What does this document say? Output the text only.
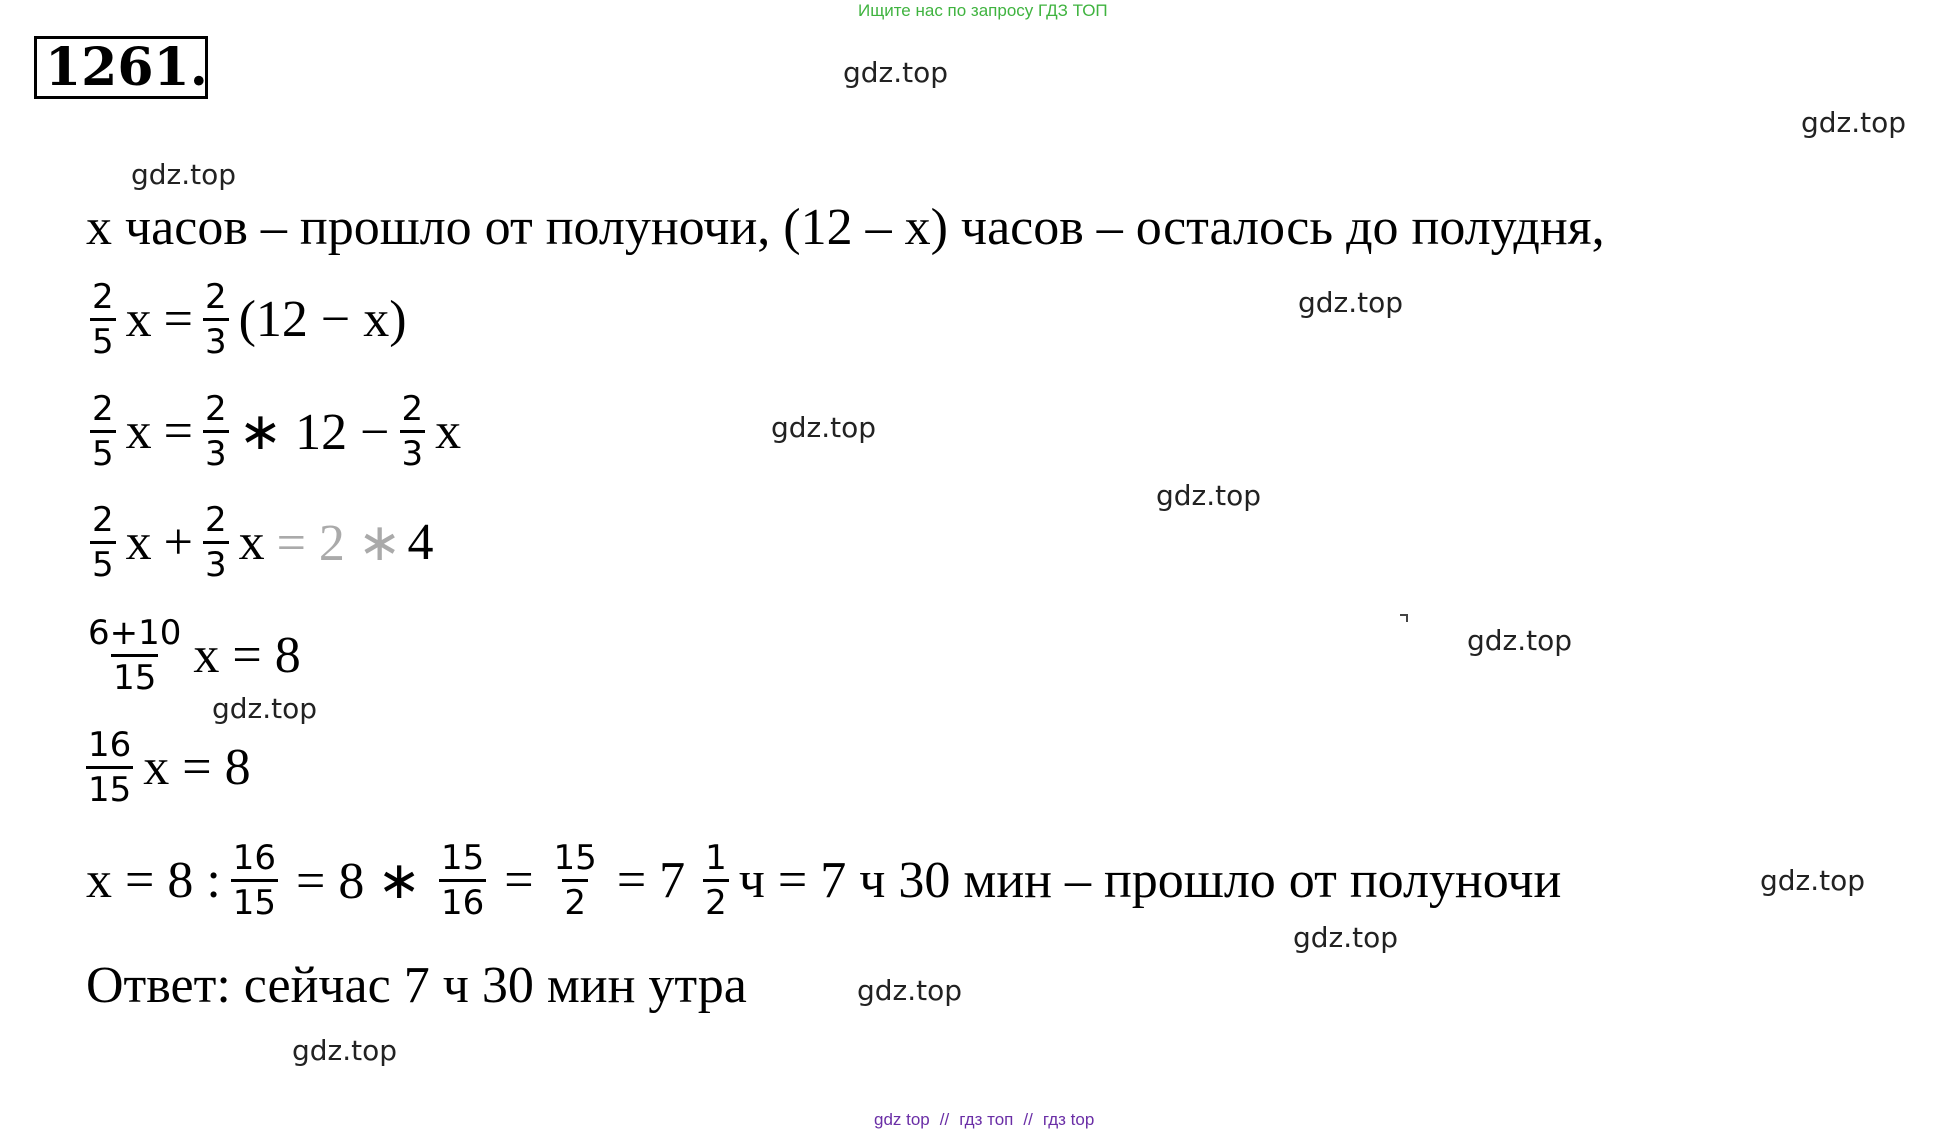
Ищите нас по запросу ГДЗ ТОП
1261.	gdz.top
gdz.top
gdz.top
gdz.top
gdz.top
gdz.top
gdz.top
gdz.top
gdz.top
gdz.top
gdz.top
gdz.top
x часов – прошло от полуночи, (12 – x) часов – осталось до полудня,
$\frac{2}{5}$ $x = \frac{2}{3} (12 - x)$
$\frac{2}{5}$ $x = \frac{2}{3}$ ∗ $12 - \frac{2}{3}$ x
$\frac{2}{5}$ $x + \frac{2}{3}$ x = 2 ∗ 4
$\frac{6+10}{15}$ x = 8
$\frac{16}{15}$ x = 8
x = 8 : $\frac{16}{15} = 8$ ∗ $\frac{15}{16} = \frac{15}{2} = 7 \frac{1}{2}$ ч = 7 ч 30 мин – прошло от полуночи
Ответ: сейчас 7 ч 30 мин утра
gdz top // гдз топ // гдз top
